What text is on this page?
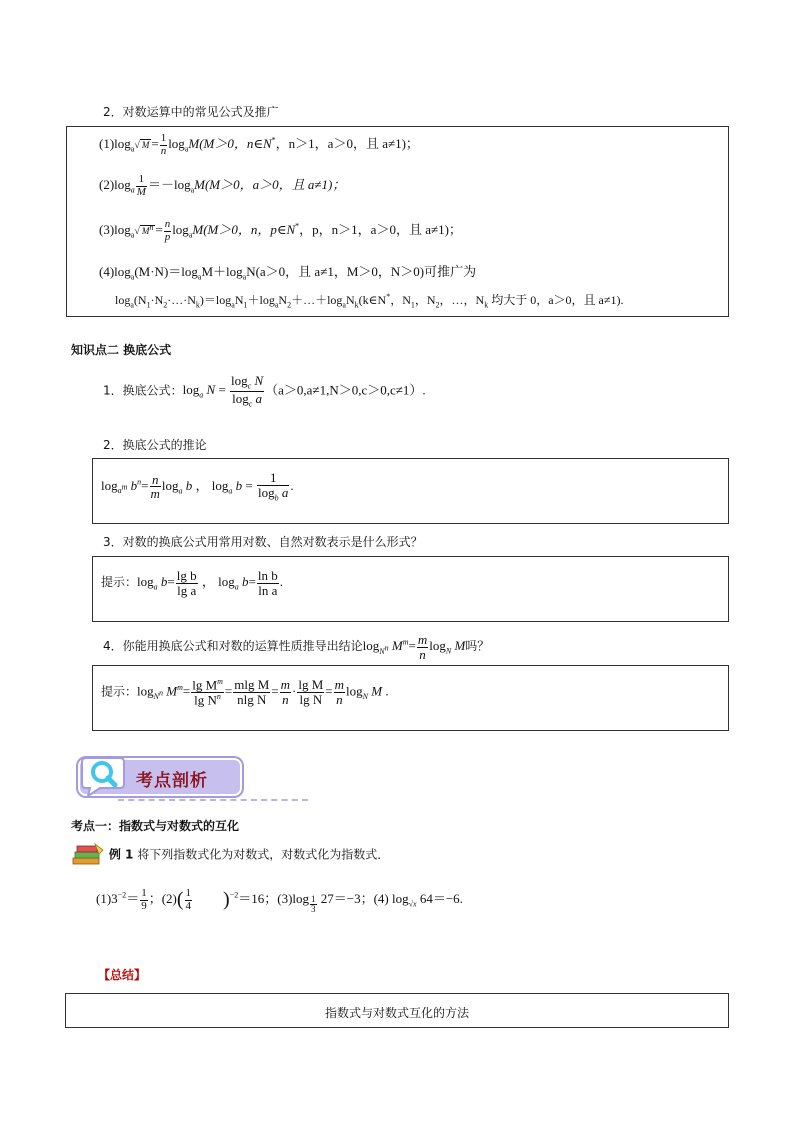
2．对数运算中的常见公式及推广
$(1)\log_a√$ $M = \frac{1}{n} \log_aM(M>0$，n∈N*，n＞1，a＞0，且 a≠1)；
$(2)\log_a \frac{1}{M} =-\log_aM(M>0$，a＞0，且 a≠1)；
$(3)\log_a√$ $M^n = \frac{n}{p} \log_aM(M>0$，n，p∈N*，p，n＞1，a＞0，且 a≠1)；
$(4)\log_a(M\cdot N)=\log_aM+\log_aN(a>0$，且 a≠1，M＞0，N＞0)可推广为
$\log_a(N_1\cdot N_2\cdot\dots\cdot N_k)=\log_aN_1+\log_aN_2+\dots+\log_aN_k(k\in N^*$，$N_1$，$N_2$，…，$N_k$ 均大于 0，a＞0，且 a≠1).
知识点二 换底公式
1．换底公式：$\log_a N = \frac{\log_c N}{\log_c a} (a>0,a\ne 1,N>0,c>0,c\ne 1)$.
2．换底公式的推论
$\log_{a^m} b^n= \frac{n}{m} \log_a b$ ， $\log_a b = \frac{1}{\log_b a}$ .
3．对数的换底公式用常用对数、自然对数表示是什么形式？
提示：$\log_a b= \frac{\text{lg b}}{\text{lg a}}$ ， $\log_a b= \frac{\text{ln b}}{\text{ln a}}$ .
4．你能用换底公式和对数的运算性质推导出结论$\log_{N^n} M^m= \frac{m}{n} \log_N M$吗？
提示：$\log_{N^n} M^m= \frac{\lg M^m}{\lg N^n} = \frac{\text{mlg M}}{\text{nlg N}} = \frac{m}{n} \cdot \frac{\text{lg M}}{\text{lg N}} = \frac{m}{n} \log_N M$ .
考点剖析
考点一：指数式与对数式的互化
例 1 将下列指数式化为对数式，对数式化为指数式．
$(1)3^{-2}= \frac{1}{9}$ ；$(2)( \frac{1}{4} )^{-2}=16$；(3)log $_{\frac{1}{3}}$ 27＝−3；(4) $\log_{√x} 64=-6$.
【总结】
指数式与对数式互化的方法
